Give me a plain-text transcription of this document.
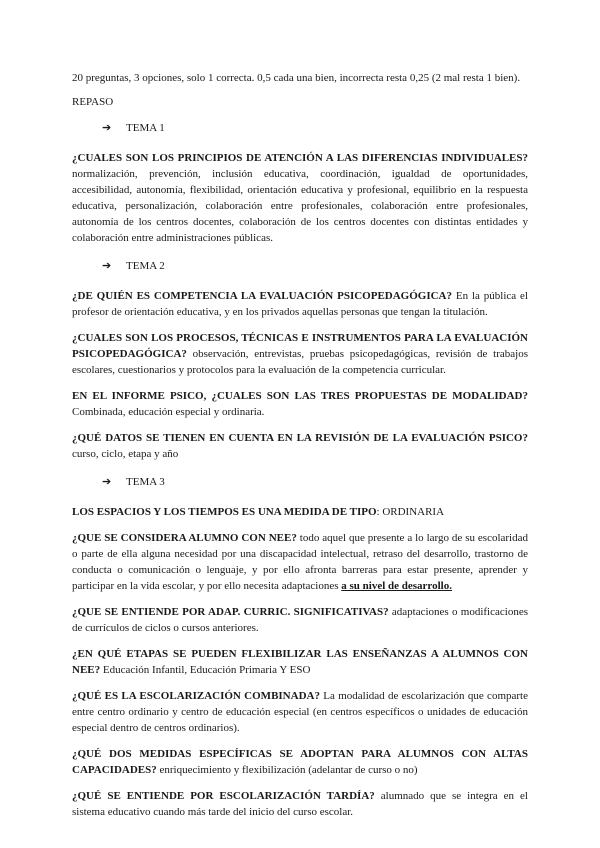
20 preguntas, 3 opciones, solo 1 correcta. 0,5 cada una bien, incorrecta resta 0,25 (2 mal resta 1 bien).

REPASO

➔ TEMA 1

¿CUALES SON LOS PRINCIPIOS DE ATENCIÓN A LAS DIFERENCIAS INDIVIDUALES? normalización, prevención, inclusión educativa, coordinación, igualdad de oportunidades, accesibilidad, autonomía, flexibilidad, orientación educativa y profesional, equilibrio en la respuesta educativa, personalización, colaboración entre profesionales, colaboración entre profesionales, autonomía de los centros docentes, colaboración de los centros docentes con distintas entidades y colaboración entre administraciones públicas.

➔ TEMA 2

¿DE QUIÉN ES COMPETENCIA LA EVALUACIÓN PSICOPEDAGÓGICA? En la pública el profesor de orientación educativa, y en los privados aquellas personas que tengan la titulación.

¿CUALES SON LOS PROCESOS, TÉCNICAS E INSTRUMENTOS PARA LA EVALUACIÓN PSICOPEDAGÓGICA? observación, entrevistas, pruebas psicopedagógicas, revisión de trabajos escolares, cuestionarios y protocolos para la evaluación de la competencia curricular.

EN EL INFORME PSICO, ¿CUALES SON LAS TRES PROPUESTAS DE MODALIDAD? Combinada, educación especial y ordinaria.

¿QUÉ DATOS SE TIENEN EN CUENTA EN LA REVISIÓN DE LA EVALUACIÓN PSICO? curso, ciclo, etapa y año

➔ TEMA 3

LOS ESPACIOS Y LOS TIEMPOS ES UNA MEDIDA DE TIPO: ORDINARIA

¿QUE SE CONSIDERA ALUMNO CON NEE? todo aquel que presente a lo largo de su escolaridad o parte de ella alguna necesidad por una discapacidad intelectual, retraso del desarrollo, trastorno de conducta o comunicación o lenguaje, y por ello afronta barreras para estar presente, aprender y participar en la vida escolar, y por ello necesita adaptaciones a su nivel de desarrollo.

¿QUE SE ENTIENDE POR ADAP. CURRIC. SIGNIFICATIVAS? adaptaciones o modificaciones de currículos de ciclos o cursos anteriores.

¿EN QUÉ ETAPAS SE PUEDEN FLEXIBILIZAR LAS ENSEÑANZAS A ALUMNOS CON NEE? Educación Infantil, Educación Primaria Y ESO

¿QUÉ ES LA ESCOLARIZACIÓN COMBINADA? La modalidad de escolarización que comparte entre centro ordinario y centro de educación especial (en centros específicos o unidades de educación especial dentro de centros ordinarios).

¿QUÉ DOS MEDIDAS ESPECÍFICAS SE ADOPTAN PARA ALUMNOS CON ALTAS CAPACIDADES? enriquecimiento y flexibilización (adelantar de curso o no)

¿QUÉ SE ENTIENDE POR ESCOLARIZACIÓN TARDÍA? alumnado que se integra en el sistema educativo cuando más tarde del inicio del curso escolar.
